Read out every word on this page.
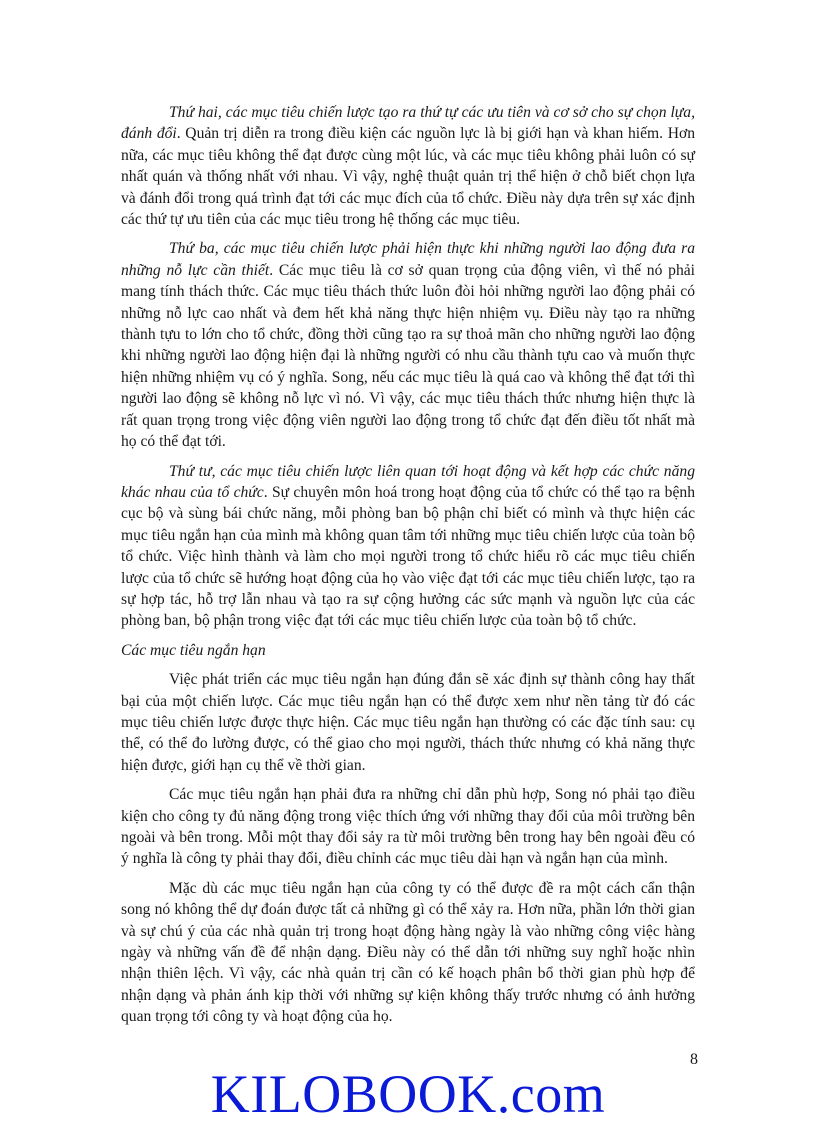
Thứ hai, các mục tiêu chiến lược tạo ra thứ tự các ưu tiên và cơ sở cho sự chọn lựa, đánh đổi. Quản trị diễn ra trong điều kiện các nguồn lực là bị giới hạn và khan hiếm. Hơn nữa, các mục tiêu không thể đạt được cùng một lúc, và các mục tiêu không phải luôn có sự nhất quán và thống nhất với nhau. Vì vậy, nghệ thuật quản trị thể hiện ở chỗ biết chọn lựa và đánh đổi trong quá trình đạt tới các mục đích của tổ chức. Điều này dựa trên sự xác định các thứ tự ưu tiên của các mục tiêu trong hệ thống các mục tiêu.

Thứ ba, các mục tiêu chiến lược phải hiện thực khi những người lao động đưa ra những nỗ lực cần thiết. Các mục tiêu là cơ sở quan trọng của động viên, vì thế nó phải mang tính thách thức. Các mục tiêu thách thức luôn đòi hỏi những người lao động phải có những nỗ lực cao nhất và đem hết khả năng thực hiện nhiệm vụ. Điều này tạo ra những thành tựu to lớn cho tổ chức, đồng thời cũng tạo ra sự thoả mãn cho những người lao động khi những người lao động hiện đại là những người có nhu cầu thành tựu cao và muốn thực hiện những nhiệm vụ có ý nghĩa. Song, nếu các mục tiêu là quá cao và không thể đạt tới thì người lao động sẽ không nỗ lực vì nó. Vì vậy, các mục tiêu thách thức nhưng hiện thực là rất quan trọng trong việc động viên người lao động trong tổ chức đạt đến điều tốt nhất mà họ có thể đạt tới.

Thứ tư, các mục tiêu chiến lược liên quan tới hoạt động và kết hợp các chức năng khác nhau của tổ chức. Sự chuyên môn hoá trong hoạt động của tổ chức có thể tạo ra bệnh cục bộ và sùng bái chức năng, mỗi phòng ban bộ phận chỉ biết có mình và thực hiện các mục tiêu ngắn hạn của mình mà không quan tâm tới những mục tiêu chiến lược của toàn bộ tổ chức. Việc hình thành và làm cho mọi người trong tổ chức hiểu rõ các mục tiêu chiến lược của tổ chức sẽ hướng hoạt động của họ vào việc đạt tới các mục tiêu chiến lược, tạo ra sự hợp tác, hỗ trợ lẫn nhau và tạo ra sự cộng hưởng các sức mạnh và nguồn lực của các phòng ban, bộ phận trong việc đạt tới các mục tiêu chiến lược của toàn bộ tổ chức.

Các mục tiêu ngắn hạn

Việc phát triển các mục tiêu ngắn hạn đúng đắn sẽ xác định sự thành công hay thất bại của một chiến lược. Các mục tiêu ngắn hạn có thể được xem như nền tảng từ đó các mục tiêu chiến lược được thực hiện. Các mục tiêu ngắn hạn thường có các đặc tính sau: cụ thể, có thể đo lường được, có thể giao cho mọi người, thách thức nhưng có khả năng thực hiện được, giới hạn cụ thể về thời gian.

Các mục tiêu ngắn hạn phải đưa ra những chỉ dẫn phù hợp, Song nó phải tạo điều kiện cho công ty đủ năng động trong việc thích ứng với những thay đổi của môi trường bên ngoài và bên trong. Mỗi một thay đổi sảy ra từ môi trường bên trong hay bên ngoài đều có ý nghĩa là công ty phải thay đổi, điều chỉnh các mục tiêu dài hạn và ngắn hạn của mình.

Mặc dù các mục tiêu ngắn hạn của công ty có thể được đề ra một cách cẩn thận song nó không thể dự đoán được tất cả những gì có thể xảy ra. Hơn nữa, phần lớn thời gian và sự chú ý của các nhà quản trị trong hoạt động hàng ngày là vào những công việc hàng ngày và những vấn đề để nhận dạng. Điều này có thể dẫn tới những suy nghĩ hoặc nhìn nhận thiên lệch. Vì vậy, các nhà quản trị cần có kế hoạch phân bổ thời gian phù hợp để nhận dạng và phản ánh kịp thời với những sự kiện không thấy trước nhưng có ảnh hưởng quan trọng tới công ty và hoạt động của họ.

8
KILOBOOK.com
